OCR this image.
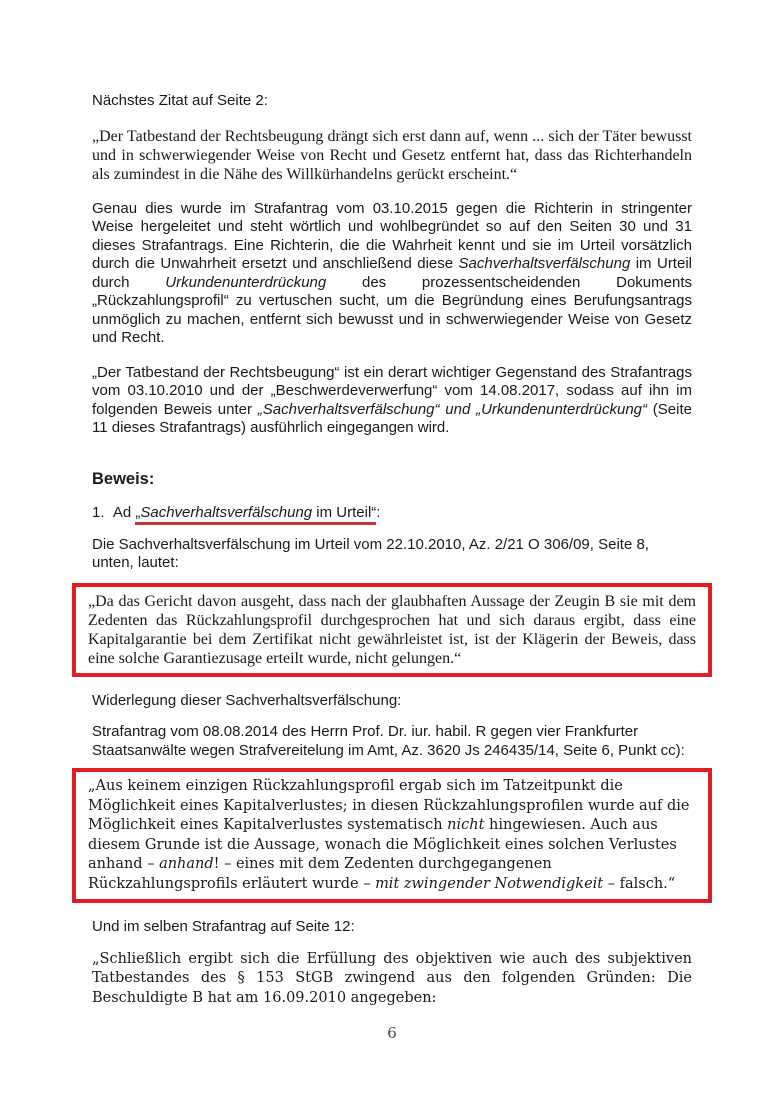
Nächstes Zitat auf Seite 2:

„Der Tatbestand der Rechtsbeugung drängt sich erst dann auf, wenn ... sich der Täter bewusst und in schwerwiegender Weise von Recht und Gesetz entfernt hat, dass das Richterhandeln als zumindest in die Nähe des Willkürhandelns gerückt erscheint.“

Genau dies wurde im Strafantrag vom 03.10.2015 gegen die Richterin in stringenter Weise hergeleitet und steht wörtlich und wohlbegründet so auf den Seiten 30 und 31 dieses Strafantrags. Eine Richterin, die die Wahrheit kennt und sie im Urteil vorsätzlich durch die Unwahrheit ersetzt und anschließend diese Sachverhaltsverfälschung im Urteil durch Urkundenunterdrückung des prozessentscheidenden Dokuments „Rückzahlungsprofil“ zu vertuschen sucht, um die Begründung eines Berufungsantrags unmöglich zu machen, entfernt sich bewusst und in schwerwiegender Weise von Gesetz und Recht.

„Der Tatbestand der Rechtsbeugung“ ist ein derart wichtiger Gegenstand des Strafantrags vom 03.10.2010 und der „Beschwerdeverwerfung“ vom 14.08.2017, sodass auf ihn im folgenden Beweis unter „Sachverhaltsverfälschung“ und „Urkundenunterdrückung“ (Seite 11 dieses Strafantrags) ausführlich eingegangen wird.

Beweis:

1.  Ad „Sachverhaltsverfälschung im Urteil“:

Die Sachverhaltsverfälschung im Urteil vom 22.10.2010, Az. 2/21 O 306/09, Seite 8, unten, lautet:

„Da das Gericht davon ausgeht, dass nach der glaubhaften Aussage der Zeugin B sie mit dem Zedenten das Rückzahlungsprofil durchgesprochen hat und sich daraus ergibt, dass eine Kapitalgarantie bei dem Zertifikat nicht gewährleistet ist, ist der Klägerin der Beweis, dass eine solche Garantiezusage erteilt wurde, nicht gelungen.“

Widerlegung dieser Sachverhaltsverfälschung:

Strafantrag vom 08.08.2014 des Herrn Prof. Dr. iur. habil. R gegen vier Frankfurter Staatsanwälte wegen Strafvereitelung im Amt, Az. 3620 Js 246435/14, Seite 6, Punkt cc):

„Aus keinem einzigen Rückzahlungsprofil ergab sich im Tatzeitpunkt die Möglichkeit eines Kapitalverlustes; in diesen Rückzahlungsprofilen wurde auf die Möglichkeit eines Kapitalverlustes systematisch nicht hingewiesen. Auch aus diesem Grunde ist die Aussage, wonach die Möglichkeit eines solchen Verlustes anhand – anhand! – eines mit dem Zedenten durchgegangenen Rückzahlungsprofils erläutert wurde – mit zwingender Notwendigkeit – falsch.“

Und im selben Strafantrag auf Seite 12:

„Schließlich ergibt sich die Erfüllung des objektiven wie auch des subjektiven Tatbestandes des § 153 StGB zwingend aus den folgenden Gründen: Die Beschuldigte B hat am 16.09.2010 angegeben:

6
